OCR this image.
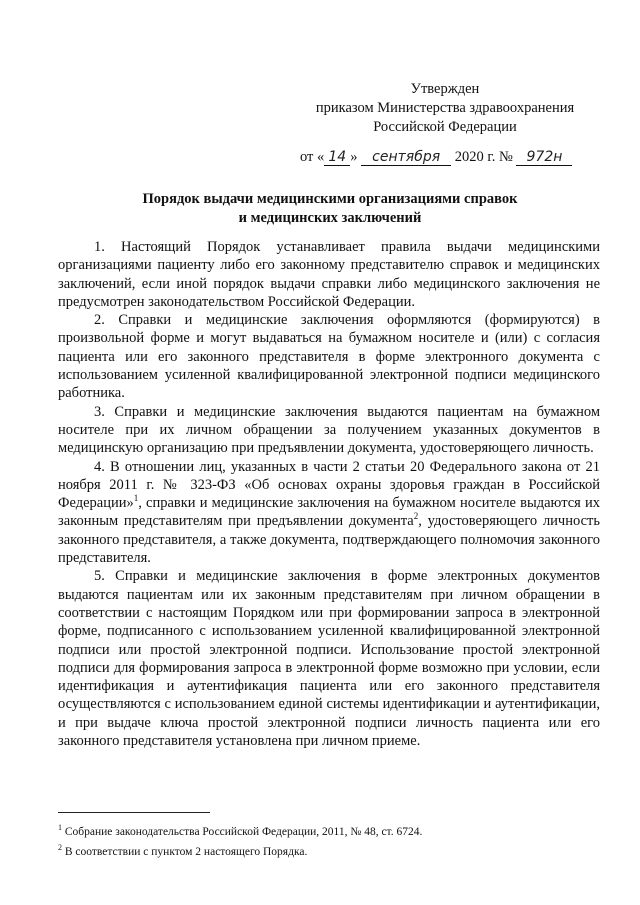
Утвержден
приказом Министерства здравоохранения
Российской Федерации
от « 14 » сентября 2020 г. № 972н
Порядок выдачи медицинскими организациями справок
и медицинских заключений

1. Настоящий Порядок устанавливает правила выдачи медицинскими организациями пациенту либо его законному представителю справок и медицинских заключений, если иной порядок выдачи справки либо медицинского заключения не предусмотрен законодательством Российской Федерации.

2. Справки и медицинские заключения оформляются (формируются) в произвольной форме и могут выдаваться на бумажном носителе и (или) с согласия пациента или его законного представителя в форме электронного документа с использованием усиленной квалифицированной электронной подписи медицинского работника.

3. Справки и медицинские заключения выдаются пациентам на бумажном носителе при их личном обращении за получением указанных документов в медицинскую организацию при предъявлении документа, удостоверяющего личность.

4. В отношении лиц, указанных в части 2 статьи 20 Федерального закона от 21 ноября 2011 г. № 323-ФЗ «Об основах охраны здоровья граждан в Российской Федерации»$^1$, справки и медицинские заключения на бумажном носителе выдаются их законным представителям при предъявлении документа$^2$, удостоверяющего личность законного представителя, а также документа, подтверждающего полномочия законного представителя.

5. Справки и медицинские заключения в форме электронных документов выдаются пациентам или их законным представителям при личном обращении в соответствии с настоящим Порядком или при формировании запроса в электронной форме, подписанного с использованием усиленной квалифицированной электронной подписи или простой электронной подписи. Использование простой электронной подписи для формирования запроса в электронной форме возможно при условии, если идентификация и аутентификация пациента или его законного представителя осуществляются с использованием единой системы идентификации и аутентификации, и при выдаче ключа простой электронной подписи личность пациента или его законного представителя установлена при личном приеме.

$^1$ Собрание законодательства Российской Федерации, 2011, № 48, ст. 6724.
$^2$ В соответствии с пунктом 2 настоящего Порядка.
